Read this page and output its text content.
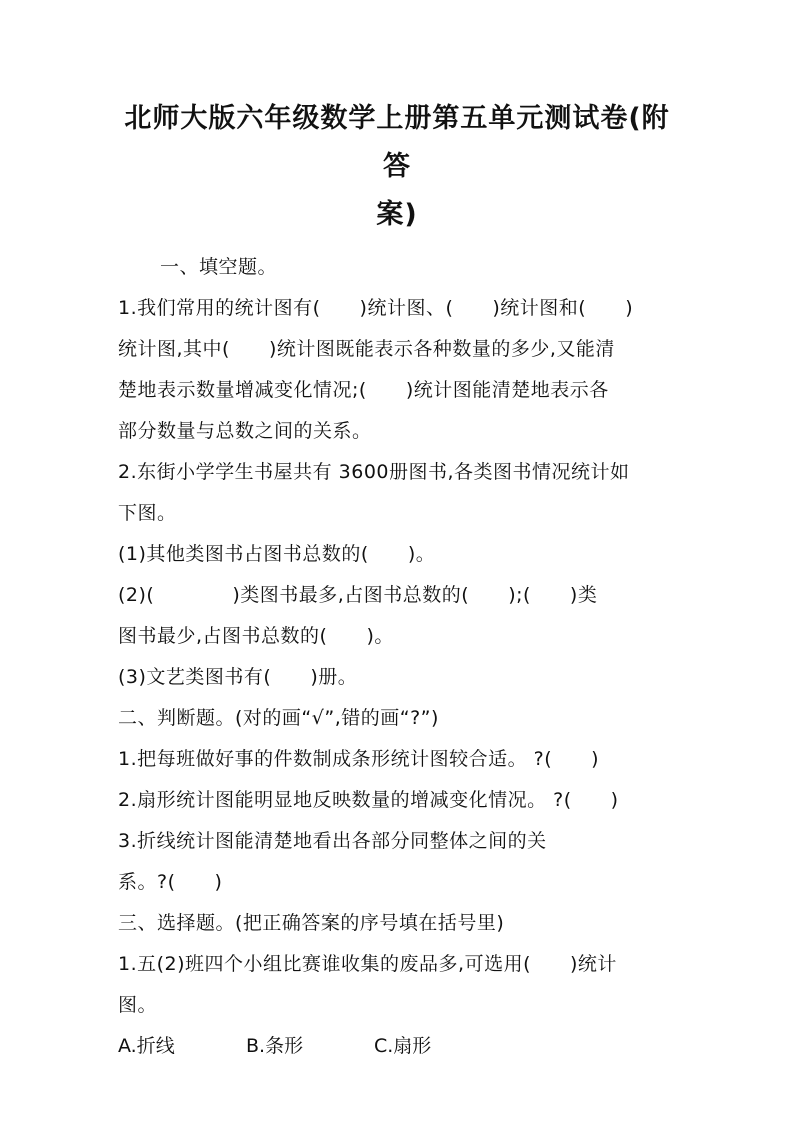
北师大版六年级数学上册第五单元测试卷(附答
案)
一、填空题。
1.我们常用的统计图有(　　)统计图、(　　)统计图和(　　)
统计图,其中(　　)统计图既能表示各种数量的多少,又能清
楚地表示数量增减变化情况;(　　)统计图能清楚地表示各
部分数量与总数之间的关系。
2.东街小学学生书屋共有 3600册图书,各类图书情况统计如
下图。
(1)其他类图书占图书总数的(　　)。
(2)(　　　　)类图书最多,占图书总数的(　　);(　　)类
图书最少,占图书总数的(　　)。
(3)文艺类图书有(　　)册。
二、判断题。(对的画“√”,错的画“?”)
1.把每班做好事的件数制成条形统计图较合适。 ?(　　)
2.扇形统计图能明显地反映数量的增减变化情况。 ?(　　)
3.折线统计图能清楚地看出各部分同整体之间的关
系。?(　　)
三、选择题。(把正确答案的序号填在括号里)
1.五(2)班四个小组比赛谁收集的废品多,可选用(　　)统计
图。
A.折线	B.条形	C.扇形
